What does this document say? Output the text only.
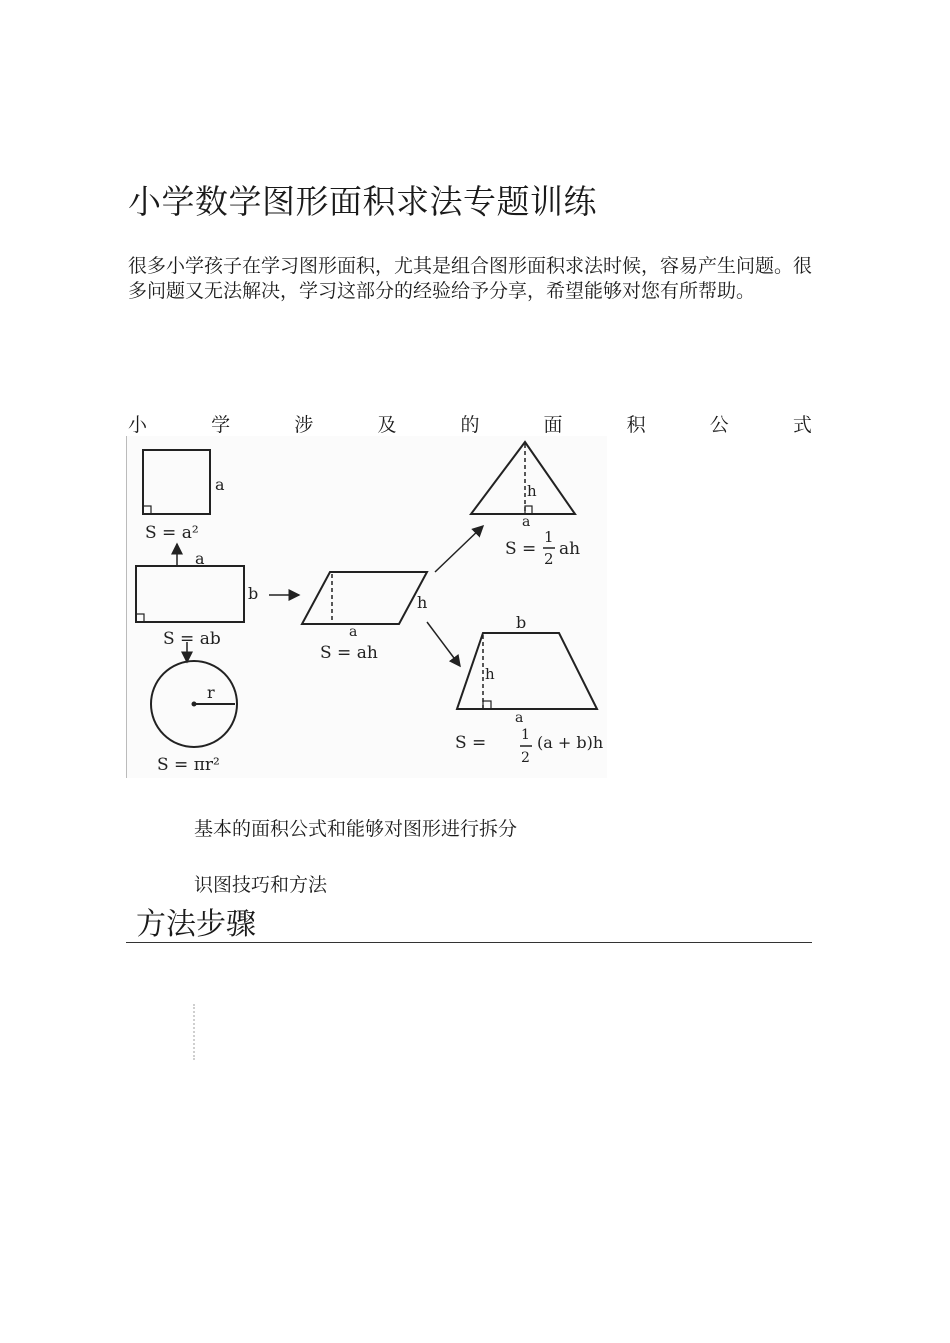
小学数学图形面积求法专题训练
很多小学孩子在学习图形面积，尤其是组合图形面积求法时候，容易产生问题。很多问题又无法解决，学习这部分的经验给予分享，希望能够对您有所帮助。
小	学	涉	及	的	面	积	公	式
a
S = a²
a
b
S = ab
r
S = πr²
a
h
S = ah
h
a
S =
1
2 ah
b
h
a
S = 1
2
(a + b)h
基本的面积公式和能够对图形进行拆分
识图技巧和方法
方法步骤
